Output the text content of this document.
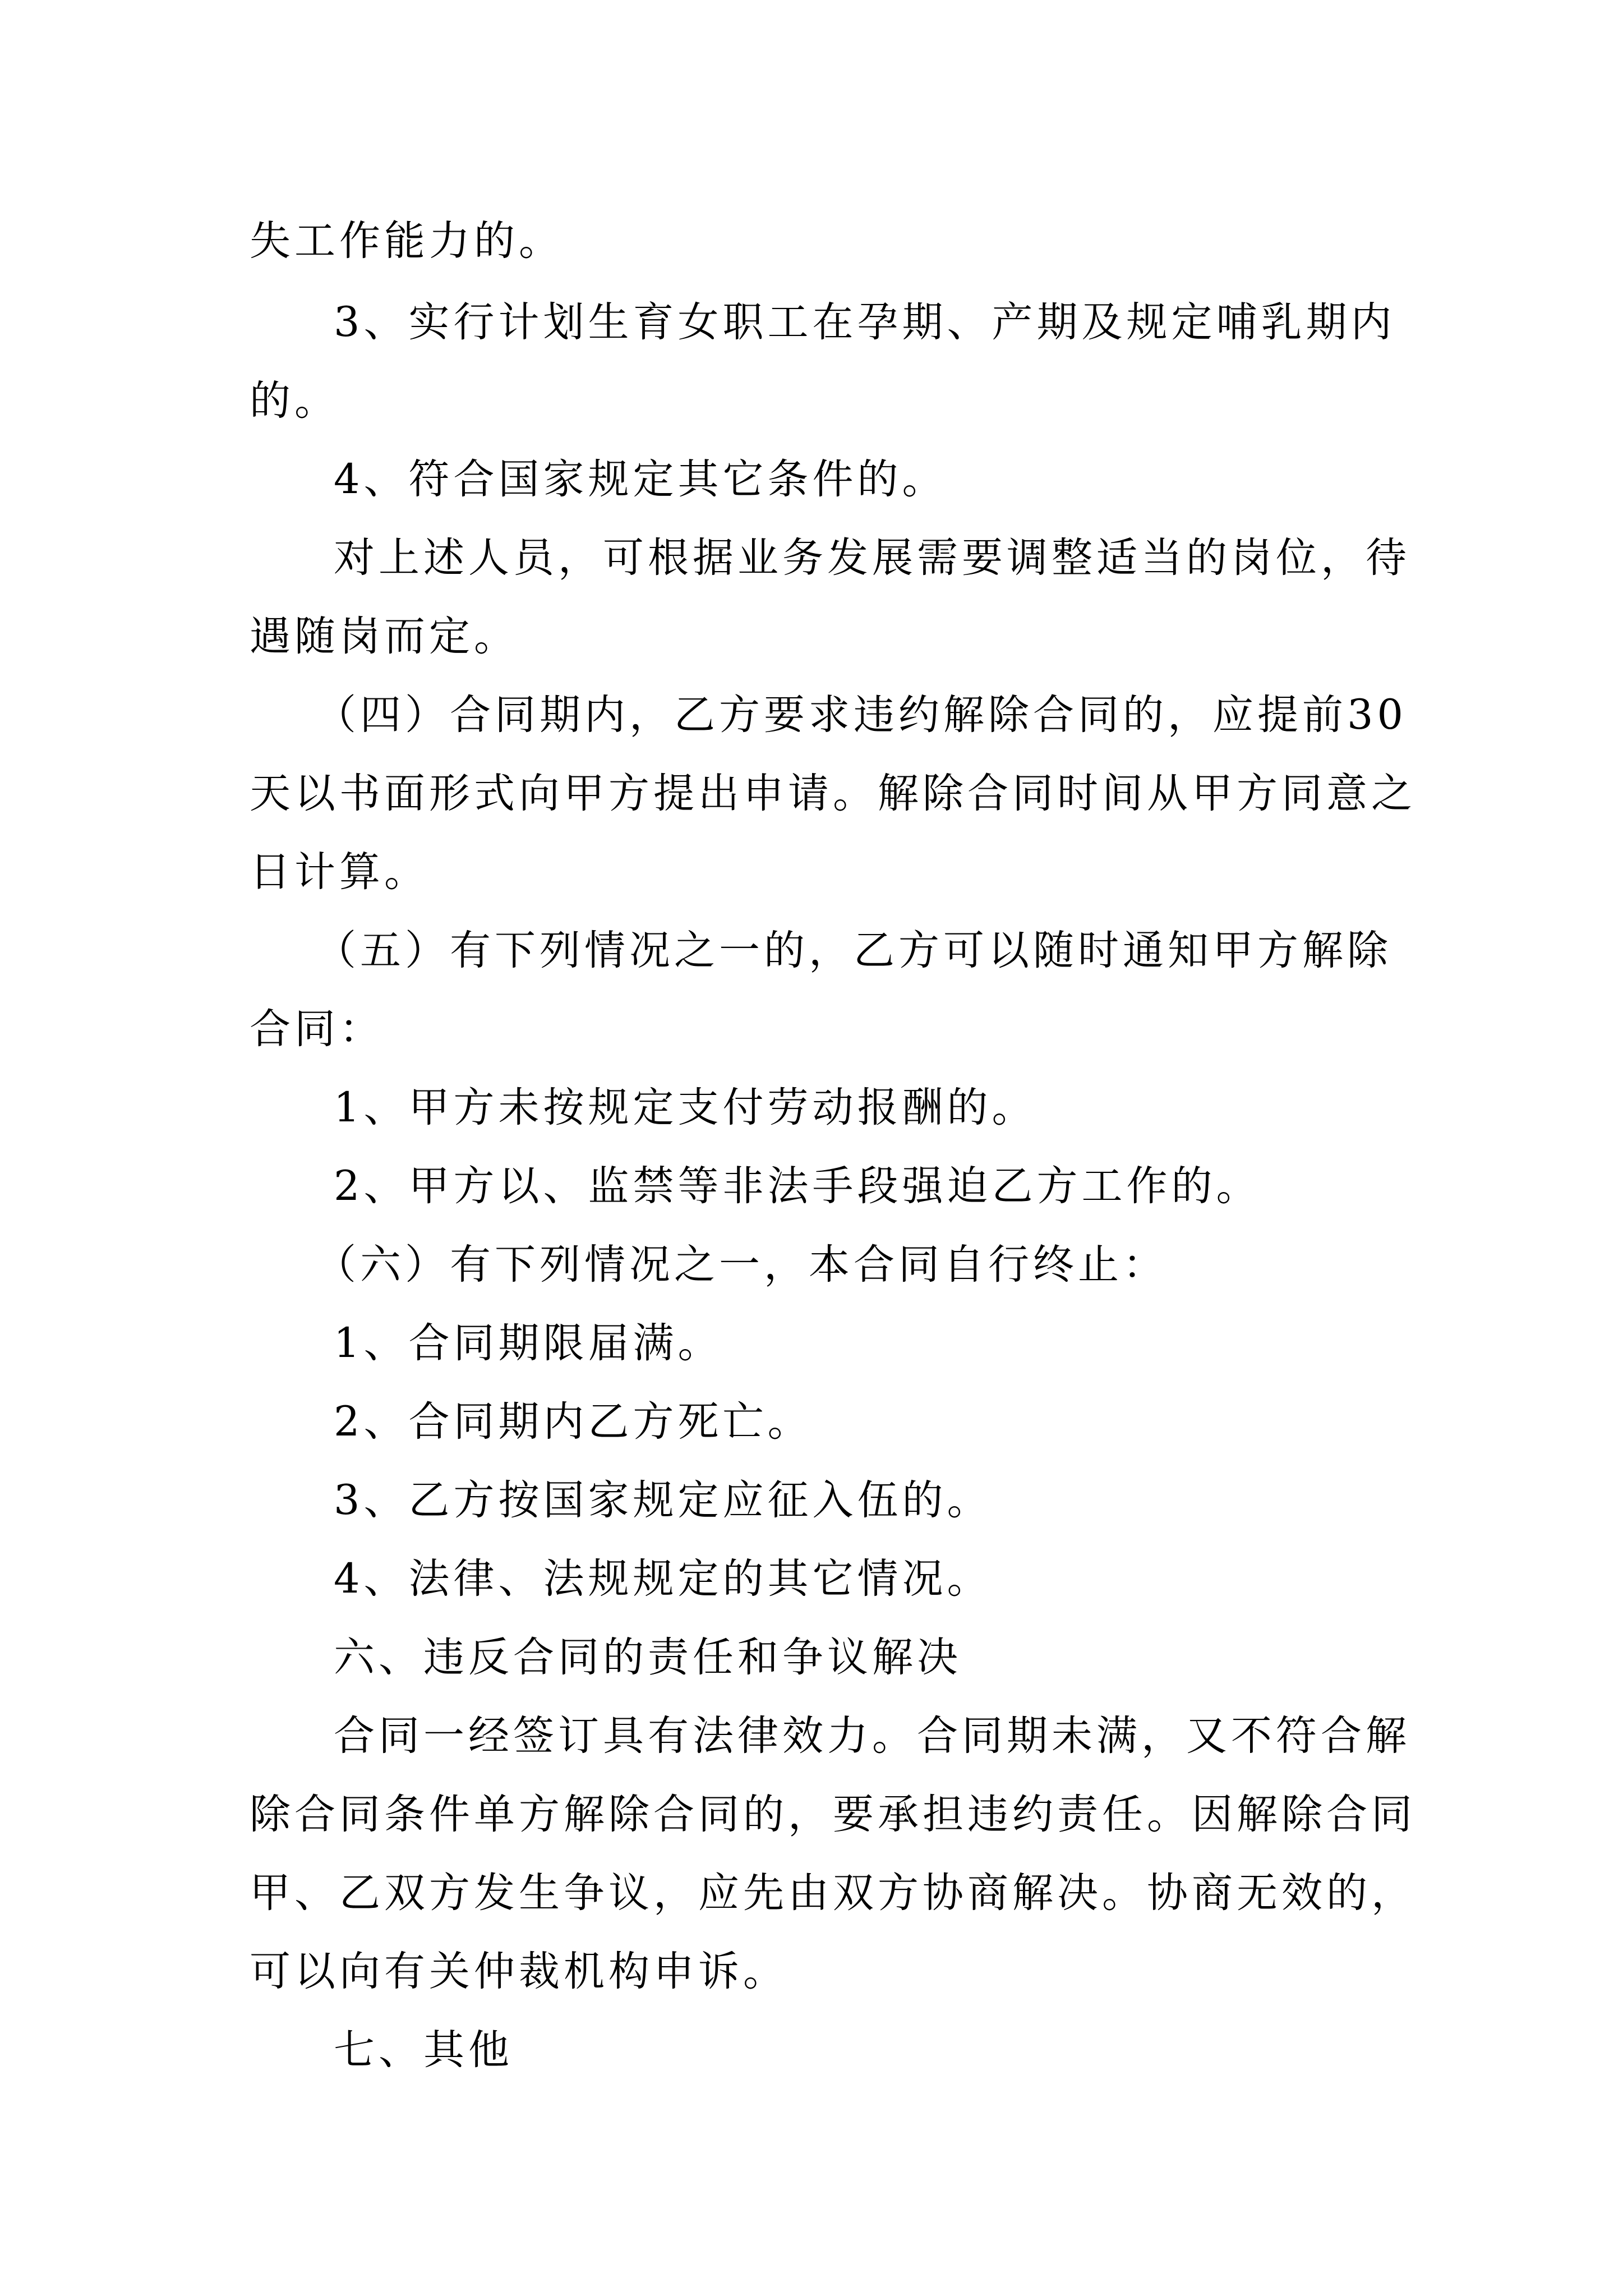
失工作能力的。
3、实行计划生育女职工在孕期、产期及规定哺乳期内
的。
4、符合国家规定其它条件的。
对上述人员，可根据业务发展需要调整适当的岗位，待
遇随岗而定。
（四）合同期内，乙方要求违约解除合同的，应提前30
天以书面形式向甲方提出申请。解除合同时间从甲方同意之
日计算。
（五）有下列情况之一的，乙方可以随时通知甲方解除
合同：
1、甲方未按规定支付劳动报酬的。
2、甲方以、监禁等非法手段强迫乙方工作的。
（六）有下列情况之一，本合同自行终止：
1、合同期限届满。
2、合同期内乙方死亡。
3、乙方按国家规定应征入伍的。
4、法律、法规规定的其它情况。
六、违反合同的责任和争议解决
合同一经签订具有法律效力。合同期未满，又不符合解
除合同条件单方解除合同的，要承担违约责任。因解除合同
甲、乙双方发生争议，应先由双方协商解决。协商无效的，
可以向有关仲裁机构申诉。
七、其他
